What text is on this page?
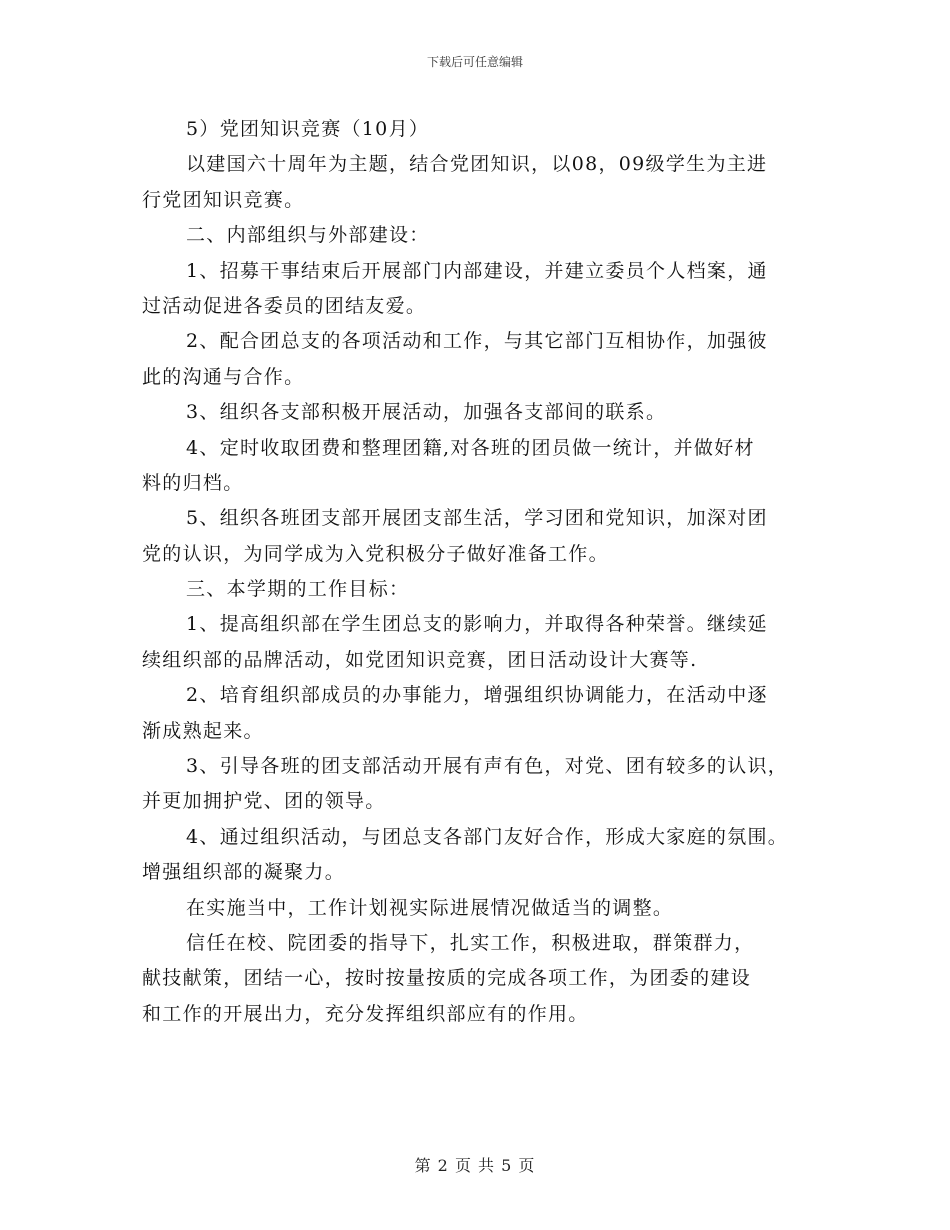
下载后可任意编辑
5）党团知识竞赛（10月）
以建国六十周年为主题，结合党团知识，以08，09级学生为主进
行党团知识竞赛。
二、内部组织与外部建设：
1、招募干事结束后开展部门内部建设，并建立委员个人档案，通
过活动促进各委员的团结友爱。
2、配合团总支的各项活动和工作，与其它部门互相协作，加强彼
此的沟通与合作。
3、组织各支部积极开展活动，加强各支部间的联系。
4、定时收取团费和整理团籍,对各班的团员做一统计，并做好材
料的归档。
5、组织各班团支部开展团支部生活，学习团和党知识，加深对团
党的认识，为同学成为入党积极分子做好准备工作。
三、本学期的工作目标：
1、提高组织部在学生团总支的影响力，并取得各种荣誉。继续延
续组织部的品牌活动，如党团知识竞赛，团日活动设计大赛等.
2、培育组织部成员的办事能力，增强组织协调能力，在活动中逐
渐成熟起来。
3、引导各班的团支部活动开展有声有色，对党、团有较多的认识，
并更加拥护党、团的领导。
4、通过组织活动，与团总支各部门友好合作，形成大家庭的氛围。
增强组织部的凝聚力。
在实施当中，工作计划视实际进展情况做适当的调整。
信任在校、院团委的指导下，扎实工作，积极进取，群策群力，
献技献策，团结一心，按时按量按质的完成各项工作，为团委的建设
和工作的开展出力，充分发挥组织部应有的作用。
第 2 页 共 5 页
